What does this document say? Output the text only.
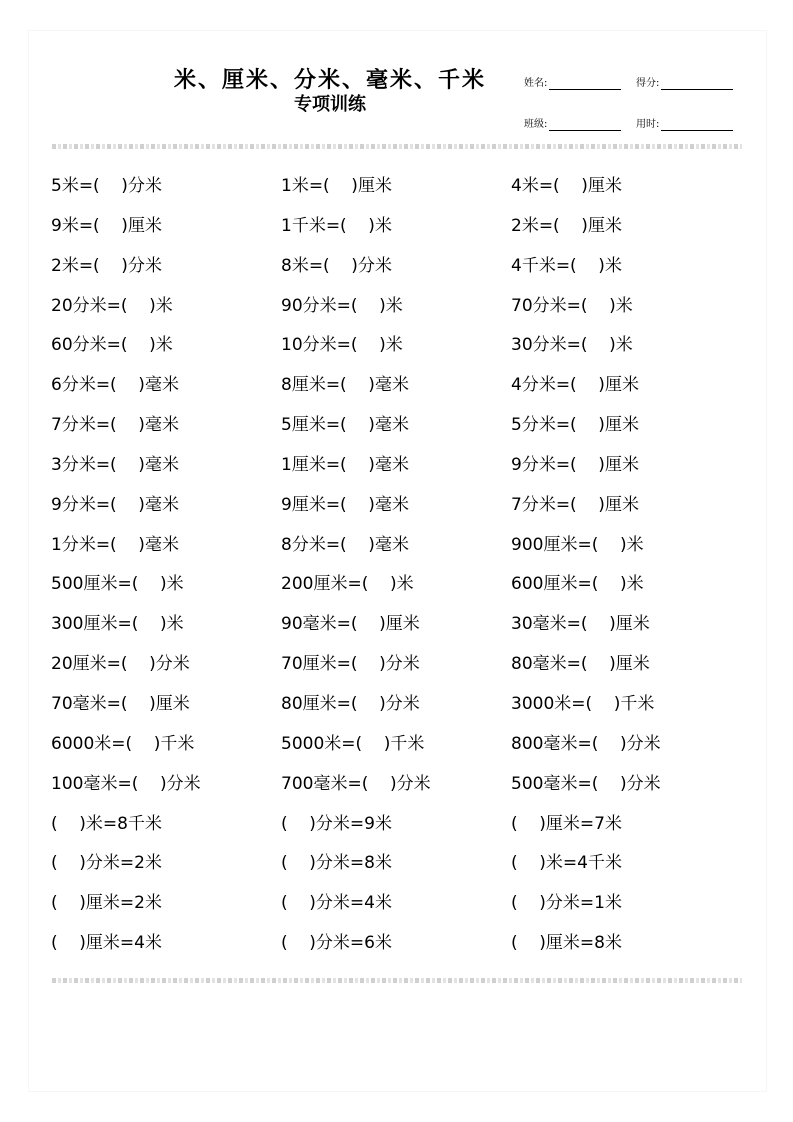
米、厘米、分米、毫米、千米
专项训练
姓名:	得分:
班级:	用时:
5米=(    )分米	1米=(    )厘米	4米=(    )厘米
9米=(    )厘米	1千米=(    )米	2米=(    )厘米
2米=(    )分米	8米=(    )分米	4千米=(    )米
20分米=(    )米	90分米=(    )米	70分米=(    )米
60分米=(    )米	10分米=(    )米	30分米=(    )米
6分米=(    )毫米	8厘米=(    )毫米	4分米=(    )厘米
7分米=(    )毫米	5厘米=(    )毫米	5分米=(    )厘米
3分米=(    )毫米	1厘米=(    )毫米	9分米=(    )厘米
9分米=(    )毫米	9厘米=(    )毫米	7分米=(    )厘米
1分米=(    )毫米	8分米=(    )毫米	900厘米=(    )米
500厘米=(    )米	200厘米=(    )米	600厘米=(    )米
300厘米=(    )米	90毫米=(    )厘米	30毫米=(    )厘米
20厘米=(    )分米	70厘米=(    )分米	80毫米=(    )厘米
70毫米=(    )厘米	80厘米=(    )分米	3000米=(    )千米
6000米=(    )千米	5000米=(    )千米	800毫米=(    )分米
100毫米=(    )分米	700毫米=(    )分米	500毫米=(    )分米
(    )米=8千米	(    )分米=9米	(    )厘米=7米
(    )分米=2米	(    )分米=8米	(    )米=4千米
(    )厘米=2米	(    )分米=4米	(    )分米=1米
(    )厘米=4米	(    )分米=6米	(    )厘米=8米
